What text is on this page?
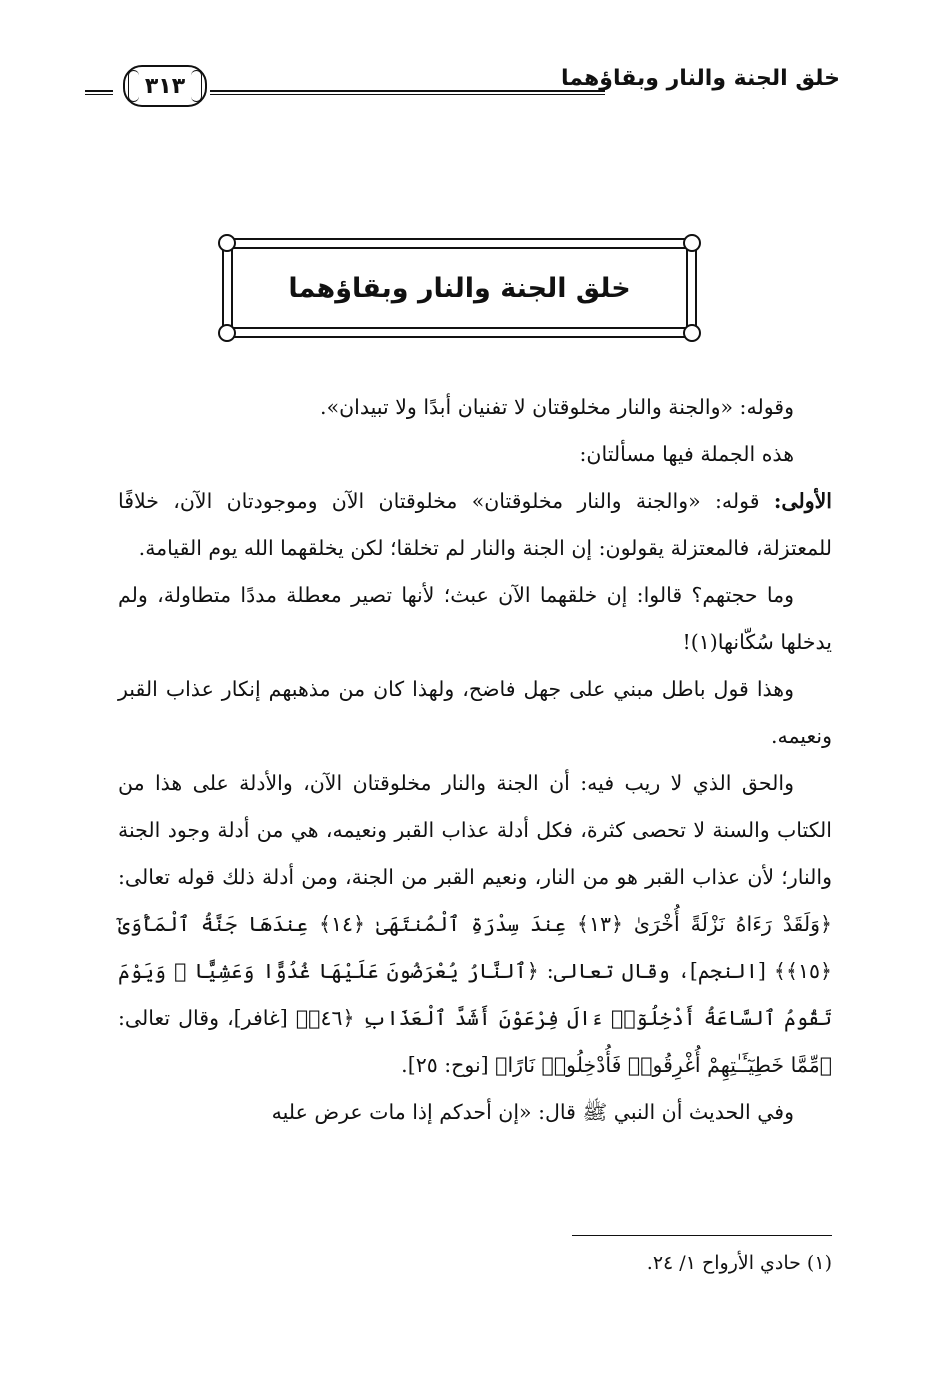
خلق الجنة والنار وبقاؤهما
٣١٣
خلق الجنة والنار وبقاؤهما

وقوله: «والجنة والنار مخلوقتان لا تفنيان أبدًا ولا تبيدان».

هذه الجملة فيها مسألتان:

الأولى: قوله: «والجنة والنار مخلوقتان» مخلوقتان الآن وموجودتان الآن، خلافًا للمعتزلة، فالمعتزلة يقولون: إن الجنة والنار لم تخلقا؛ لكن يخلقهما الله يوم القيامة.

وما حجتهم؟ قالوا: إن خلقهما الآن عبث؛ لأنها تصير معطلة مددًا متطاولة، ولم يدخلها سُكّانها(١)!

وهذا قول باطل مبني على جهل فاضح، ولهذا كان من مذهبهم إنكار عذاب القبر ونعيمه.

والحق الذي لا ريب فيه: أن الجنة والنار مخلوقتان الآن، والأدلة على هذا من الكتاب والسنة لا تحصى كثرة، فكل أدلة عذاب القبر ونعيمه، هي من أدلة وجود الجنة والنار؛ لأن عذاب القبر هو من النار، ونعيم القبر من الجنة، ومن أدلة ذلك قوله تعالى: ﴿وَلَقَدْ رَءَاهُ نَزْلَةً أُخْرَىٰ ﴿١٣﴾ عِندَ سِدْرَةِ ٱلْمُنتَهَىٰ ﴿١٤﴾ عِندَهَا جَنَّةُ ٱلْمَأْوَىٰٓ ﴿١٥﴾﴾ [النجم]، وقال تعالى: ﴿ٱلنَّارُ يُعْرَضُونَ عَلَيْهَا غُدُوًّا وَعَشِيًّا ۖ وَيَوْمَ تَقُومُ ٱلسَّاعَةُ أَدْخِلُوٓا۟ ءَالَ فِرْعَوْنَ أَشَدَّ ٱلْعَذَابِ ﴿٤٦﴾﴾ [غافر]، وقال تعالى: ﴿مِّمَّا خَطِيٓـَٔـٰتِهِمْ أُغْرِقُوا۟ فَأُدْخِلُوا۟ نَارًا﴾ [نوح: ٢٥].

وفي الحديث أن النبي ﷺ قال: «إن أحدكم إذا مات عرض عليه

(١) حادي الأرواح ١/ ٢٤.
